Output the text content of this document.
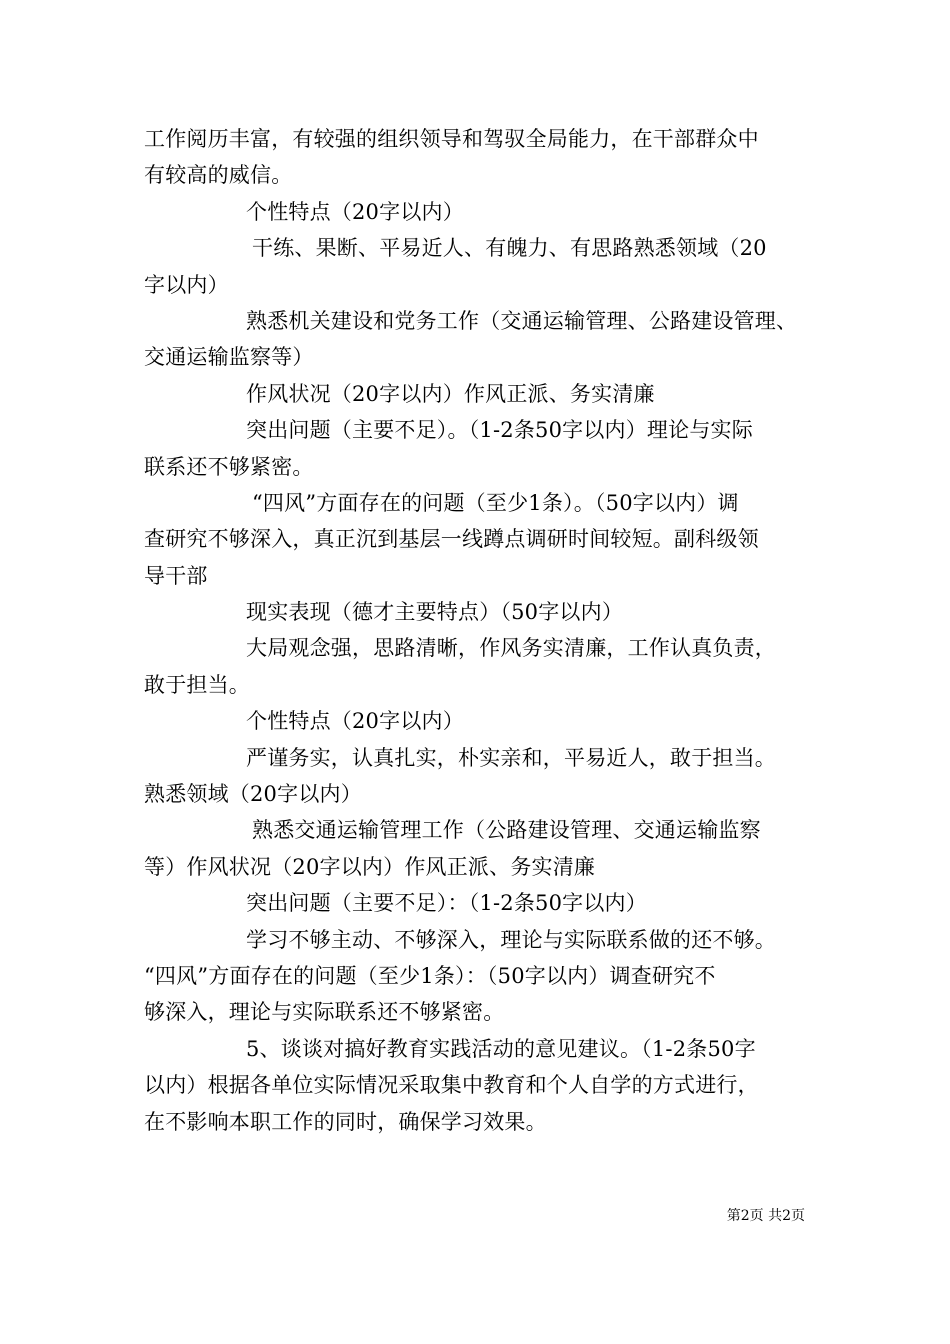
工作阅历丰富，有较强的组织领导和驾驭全局能力，在干部群众中
有较高的威信。
个性特点（20字以内）
干练、果断、平易近人、有魄力、有思路熟悉领域（20
字以内）
熟悉机关建设和党务工作（交通运输管理、公路建设管理、
交通运输监察等）
作风状况（20字以内）作风正派、务实清廉
突出问题（主要不足）。（1-2条50字以内）理论与实际
联系还不够紧密。
“四风”方面存在的问题（至少1条）。（50字以内）调
查研究不够深入，真正沉到基层一线蹲点调研时间较短。副科级领
导干部
现实表现（德才主要特点）（50字以内）
大局观念强，思路清晰，作风务实清廉，工作认真负责，
敢于担当。
个性特点（20字以内）
严谨务实，认真扎实，朴实亲和，平易近人，敢于担当。
熟悉领域（20字以内）
熟悉交通运输管理工作（公路建设管理、交通运输监察
等）作风状况（20字以内）作风正派、务实清廉
突出问题（主要不足）：（1-2条50字以内）
学习不够主动、不够深入，理论与实际联系做的还不够。
“四风”方面存在的问题（至少1条）：（50字以内）调查研究不
够深入，理论与实际联系还不够紧密。
5、谈谈对搞好教育实践活动的意见建议。（1-2条50字
以内）根据各单位实际情况采取集中教育和个人自学的方式进行，
在不影响本职工作的同时，确保学习效果。
第2页 共2页
